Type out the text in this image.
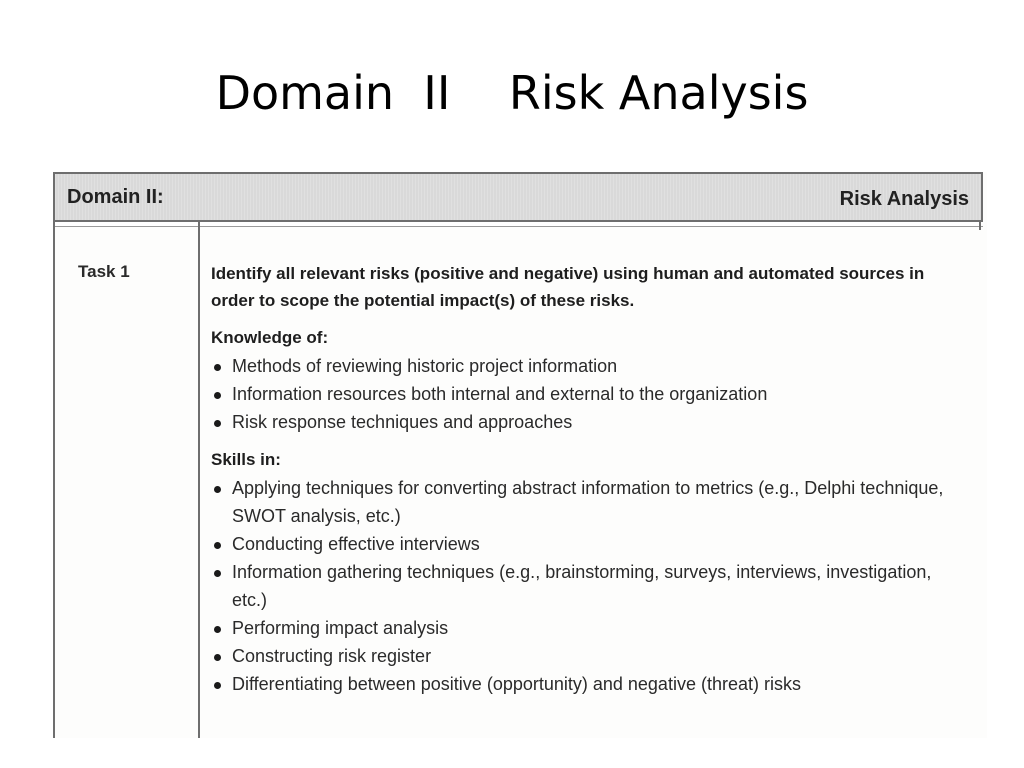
Domain  II    Risk Analysis
Domain II:	Risk Analysis
Task 1	Identify all relevant risks (positive and negative) using human and automated sources in order to scope the potential impact(s) of these risks.

Knowledge of:
Methods of reviewing historic project information
Information resources both internal and external to the organization
Risk response techniques and approaches
Skills in:
Applying techniques for converting abstract information to metrics (e.g., Delphi technique, SWOT analysis, etc.)
Conducting effective interviews
Information gathering techniques (e.g., brainstorming, surveys, interviews, investigation, etc.)
Performing impact analysis
Constructing risk register
Differentiating between positive (opportunity) and negative (threat) risks
